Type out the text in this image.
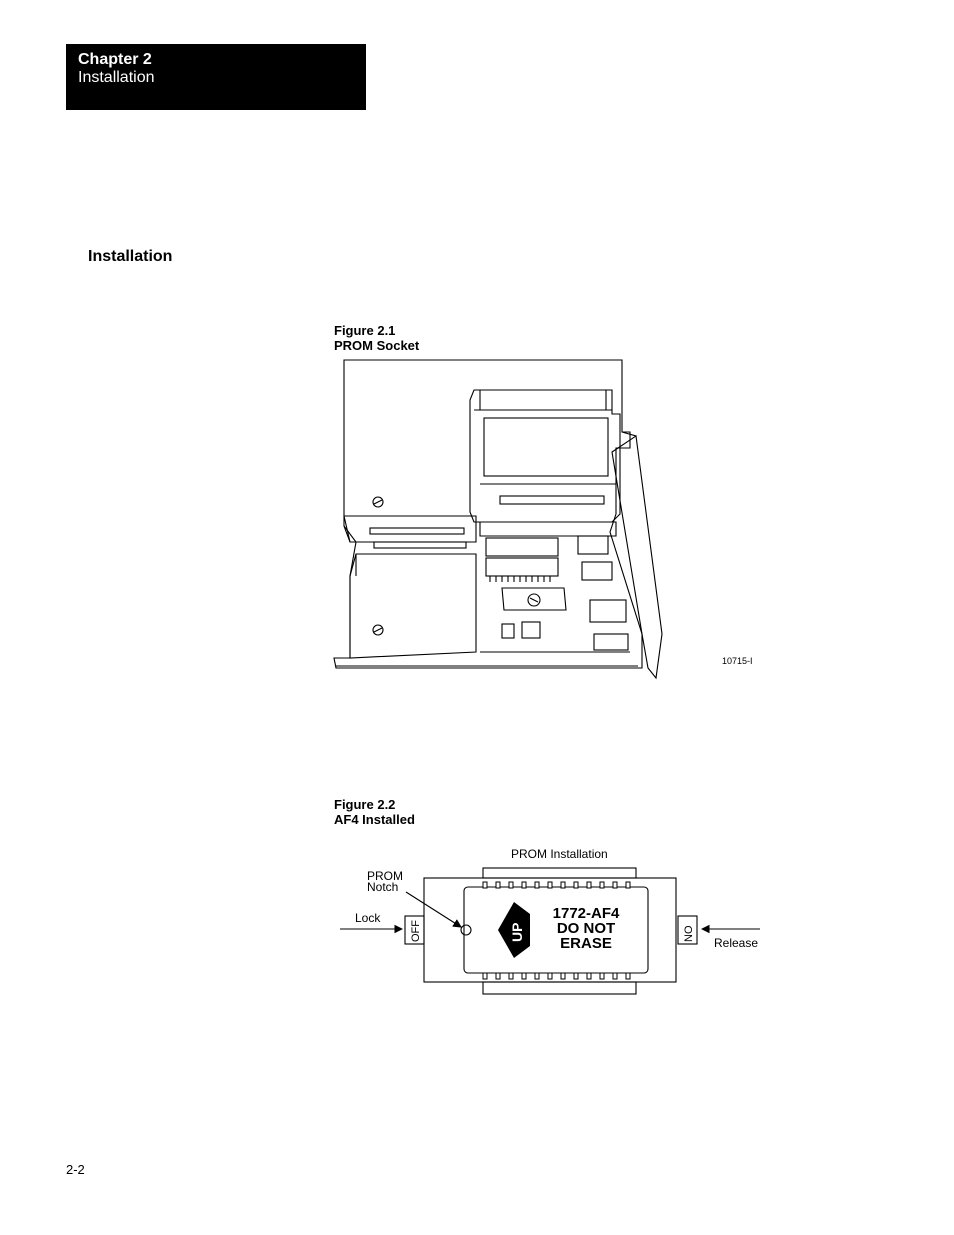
Chapter 2
Installation
Installation
Figure 2.1
PROM Socket
10715-I
Figure 2.2
AF4 Installed
PROM Installation
PROM
Notch
Lock
Release
UP
OFF	NO
1772-AF4
DO NOT
ERASE
2-2
